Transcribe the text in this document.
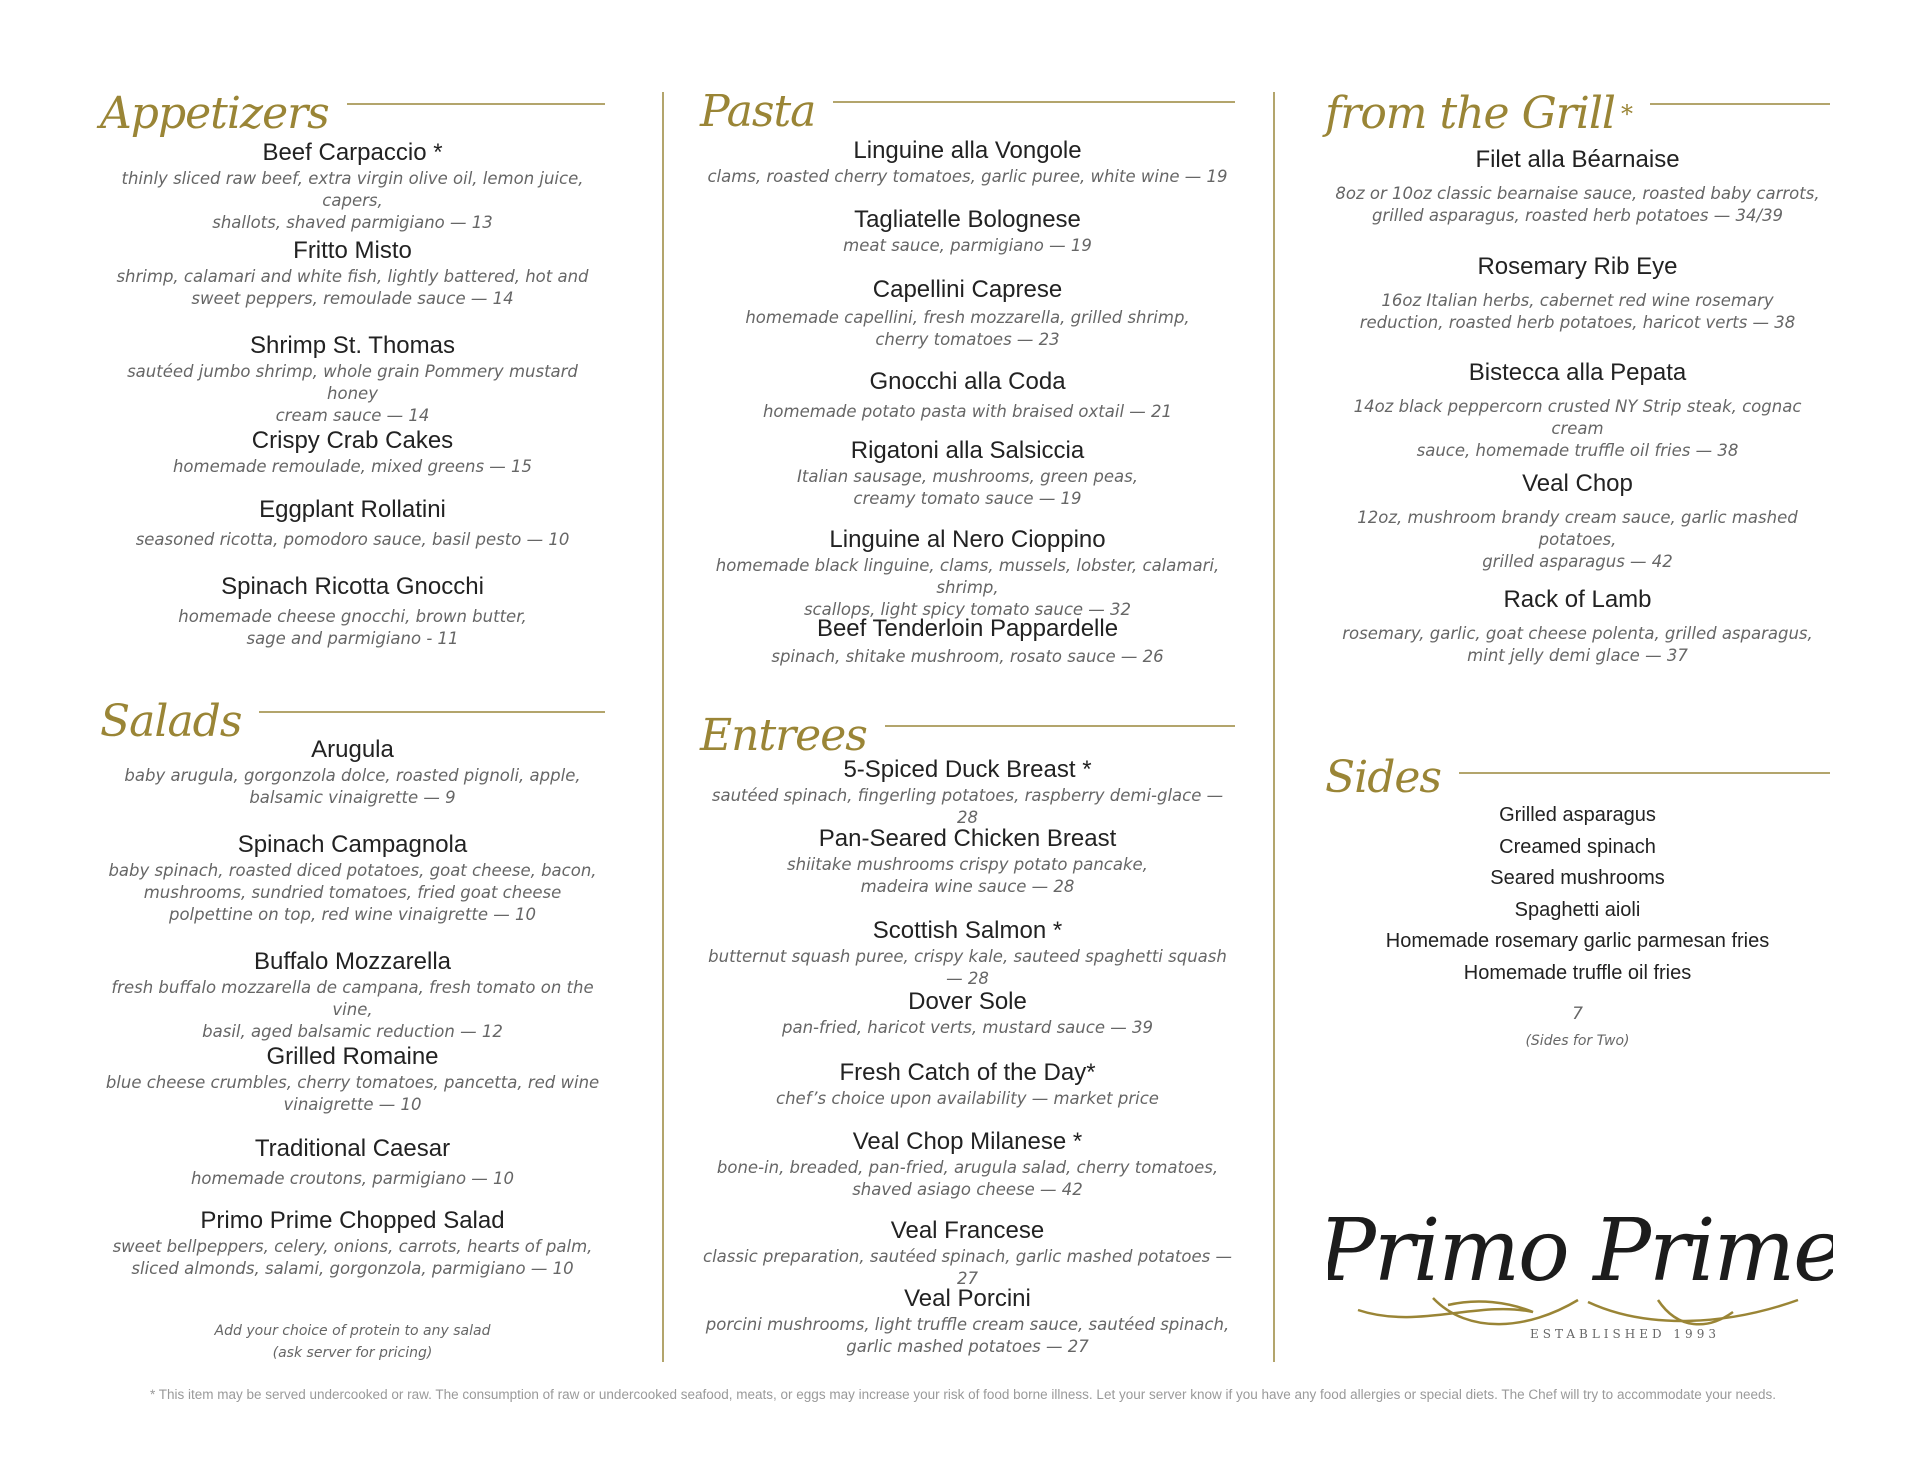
Appetizers
Beef Carpaccio *
thinly sliced raw beef, extra virgin olive oil, lemon juice, capers,
shallots, shaved parmigiano — 13
Fritto Misto
shrimp, calamari and white fish, lightly battered, hot and
sweet peppers, remoulade sauce — 14
Shrimp St. Thomas
sautéed jumbo shrimp, whole grain Pommery mustard honey
cream sauce — 14
Crispy Crab Cakes
homemade remoulade, mixed greens — 15
Eggplant Rollatini
seasoned ricotta, pomodoro sauce, basil pesto — 10
Spinach Ricotta Gnocchi
homemade cheese gnocchi, brown butter,
sage and parmigiano - 11
Salads
Arugula
baby arugula, gorgonzola dolce, roasted pignoli, apple,
balsamic vinaigrette — 9
Spinach Campagnola
baby spinach, roasted diced potatoes, goat cheese, bacon,
mushrooms, sundried tomatoes, fried goat cheese
polpettine on top, red wine vinaigrette — 10
Buffalo Mozzarella
fresh buffalo mozzarella de campana, fresh tomato on the vine,
basil, aged balsamic reduction — 12
Grilled Romaine
blue cheese crumbles, cherry tomatoes, pancetta, red wine
vinaigrette — 10
Traditional Caesar
homemade croutons, parmigiano — 10
Primo Prime Chopped Salad
sweet bellpeppers, celery, onions, carrots, hearts of palm,
sliced almonds, salami, gorgonzola, parmigiano — 10
Add your choice of protein to any salad
(ask server for pricing)
Pasta
Linguine alla Vongole
clams, roasted cherry tomatoes, garlic puree, white wine — 19
Tagliatelle Bolognese
meat sauce, parmigiano — 19
Capellini Caprese
homemade capellini, fresh mozzarella, grilled shrimp,
cherry tomatoes — 23
Gnocchi alla Coda
homemade potato pasta with braised oxtail — 21
Rigatoni alla Salsiccia
Italian sausage, mushrooms, green peas,
creamy tomato sauce — 19
Linguine al Nero Cioppino
homemade black linguine, clams, mussels, lobster, calamari, shrimp,
scallops, light spicy tomato sauce — 32
Beef Tenderloin Pappardelle
spinach, shitake mushroom, rosato sauce — 26
Entrees
5-Spiced Duck Breast *
sautéed spinach, fingerling potatoes, raspberry demi-glace — 28
Pan-Seared Chicken Breast
shiitake mushrooms crispy potato pancake,
madeira wine sauce — 28
Scottish Salmon *
butternut squash puree, crispy kale, sauteed spaghetti squash — 28
Dover Sole
pan-fried, haricot verts, mustard sauce — 39
Fresh Catch of the Day*
chef’s choice upon availability — market price
Veal Chop Milanese *
bone-in, breaded, pan-fried, arugula salad, cherry tomatoes,
shaved asiago cheese — 42
Veal Francese
classic preparation, sautéed spinach, garlic mashed potatoes — 27
Veal Porcini
porcini mushrooms, light truffle cream sauce, sautéed spinach,
garlic mashed potatoes — 27
from the Grill *
Filet alla Béarnaise
8oz or 10oz classic bearnaise sauce, roasted baby carrots,
grilled asparagus, roasted herb potatoes — 34/39
Rosemary Rib Eye
16oz Italian herbs, cabernet red wine rosemary
reduction, roasted herb potatoes, haricot verts — 38
Bistecca alla Pepata
14oz black peppercorn crusted NY Strip steak, cognac cream
sauce, homemade truffle oil fries — 38
Veal Chop
12oz, mushroom brandy cream sauce, garlic mashed potatoes,
grilled asparagus — 42
Rack of Lamb
rosemary, garlic, goat cheese polenta, grilled asparagus,
mint jelly demi glace — 37
Sides
Grilled asparagus
Creamed spinach
Seared mushrooms
Spaghetti aioli
Homemade rosemary garlic parmesan fries
Homemade truffle oil fries
7
(Sides for Two)
Primo Prime
ESTABLISHED 1993
* This item may be served undercooked or raw. The consumption of raw or undercooked seafood, meats, or eggs may increase your risk of food borne illness. Let your server know if you have any food allergies or special diets. The Chef will try to accommodate your needs.
